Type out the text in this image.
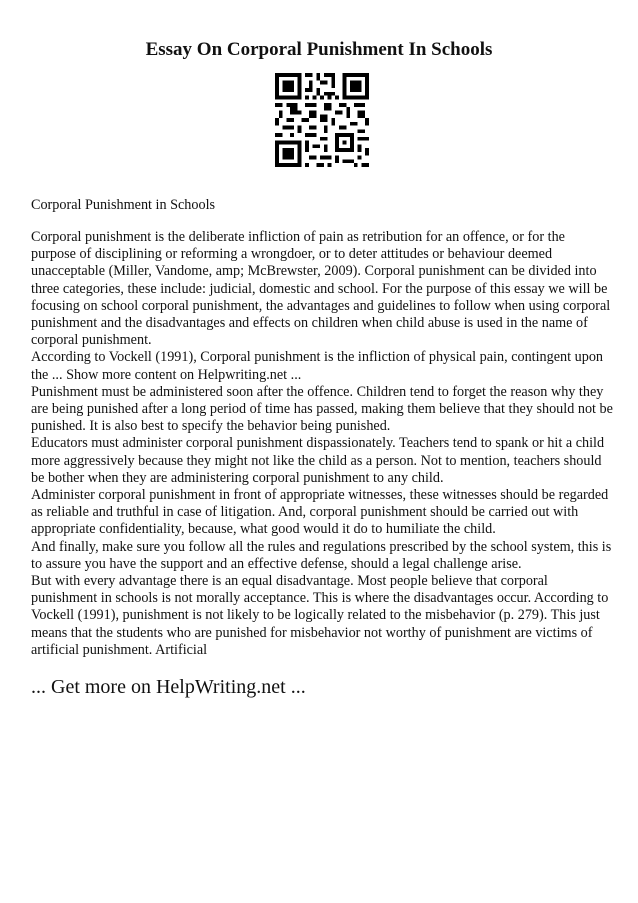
Essay On Corporal Punishment In Schools

Corporal Punishment in Schools

Corporal punishment is the deliberate infliction of pain as retribution for an offence, or for the purpose of disciplining or reforming a wrongdoer, or to deter attitudes or behaviour deemed unacceptable (Miller, Vandome, amp; McBrewster, 2009). Corporal punishment can be divided into three categories, these include: judicial, domestic and school. For the purpose of this essay we will be focusing on school corporal punishment, the advantages and guidelines to follow when using corporal punishment and the disadvantages and effects on children when child abuse is used in the name of corporal punishment.

According to Vockell (1991), Corporal punishment is the infliction of physical pain, contingent upon the ... Show more content on Helpwriting.net ...

Punishment must be administered soon after the offence. Children tend to forget the reason why they are being punished after a long period of time has passed, making them believe that they should not be punished. It is also best to specify the behavior being punished.

Educators must administer corporal punishment dispassionately. Teachers tend to spank or hit a child more aggressively because they might not like the child as a person. Not to mention, teachers should be bother when they are administering corporal punishment to any child.

Administer corporal punishment in front of appropriate witnesses, these witnesses should be regarded as reliable and truthful in case of litigation. And, corporal punishment should be carried out with appropriate confidentiality, because, what good would it do to humiliate the child.

And finally, make sure you follow all the rules and regulations prescribed by the school system, this is to assure you have the support and an effective defense, should a legal challenge arise.

But with every advantage there is an equal disadvantage. Most people believe that corporal punishment in schools is not morally acceptance. This is where the disadvantages occur. According to Vockell (1991), punishment is not likely to be logically related to the misbehavior (p. 279). This just means that the students who are punished for misbehavior not worthy of punishment are victims of artificial punishment. Artificial

... Get more on HelpWriting.net ...
